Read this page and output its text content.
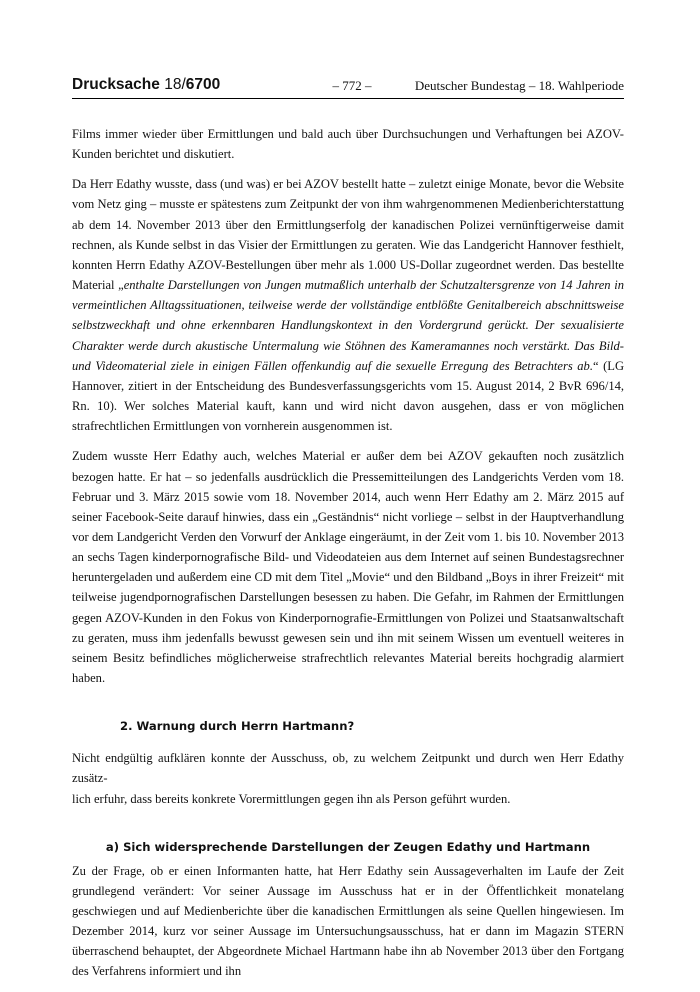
Drucksache 18/6700	– 772 –	Deutscher Bundestag – 18. Wahlperiode

Films immer wieder über Ermittlungen und bald auch über Durchsuchungen und Verhaftungen bei AZOV-Kunden berichtet und diskutiert.

Da Herr Edathy wusste, dass (und was) er bei AZOV bestellt hatte – zuletzt einige Monate, bevor die Website vom Netz ging – musste er spätestens zum Zeitpunkt der von ihm wahrgenommenen Medienberichterstattung ab dem 14. November 2013 über den Ermittlungserfolg der kanadischen Polizei vernünftigerweise damit rechnen, als Kunde selbst in das Visier der Ermittlungen zu geraten. Wie das Landgericht Hannover festhielt, konnten Herrn Edathy AZOV-Bestellungen über mehr als 1.000 US-Dollar zugeordnet werden. Das bestellte Material „enthalte Darstellungen von Jungen mutmaßlich unterhalb der Schutzaltersgrenze von 14 Jahren in vermeintlichen Alltagssituationen, teilweise werde der vollständige entblößte Genitalbereich abschnittsweise selbstzweckhaft und ohne erkennbaren Handlungskontext in den Vordergrund gerückt. Der sexualisierte Charakter werde durch akustische Untermalung wie Stöhnen des Kameramannes noch verstärkt. Das Bild- und Videomaterial ziele in einigen Fällen offenkundig auf die sexuelle Erregung des Betrachters ab.“ (LG Hannover, zitiert in der Entscheidung des Bundesverfassungsgerichts vom 15. August 2014, 2 BvR 696/14, Rn. 10). Wer solches Material kauft, kann und wird nicht davon ausgehen, dass er von möglichen strafrechtlichen Ermittlungen von vornherein ausgenommen ist.

Zudem wusste Herr Edathy auch, welches Material er außer dem bei AZOV gekauften noch zusätzlich bezogen hatte. Er hat – so jedenfalls ausdrücklich die Pressemitteilungen des Landgerichts Verden vom 18. Februar und 3. März 2015 sowie vom 18. November 2014, auch wenn Herr Edathy am 2. März 2015 auf seiner Facebook-Seite darauf hinwies, dass ein „Geständnis“ nicht vorliege – selbst in der Hauptverhandlung vor dem Landgericht Verden den Vorwurf der Anklage eingeräumt, in der Zeit vom 1. bis 10. November 2013 an sechs Tagen kinderpornografische Bild- und Videodateien aus dem Internet auf seinen Bundestagsrechner heruntergeladen und außerdem eine CD mit dem Titel „Movie“ und den Bildband „Boys in ihrer Freizeit“ mit teilweise jugendpornografischen Darstellungen besessen zu haben. Die Gefahr, im Rahmen der Ermittlungen gegen AZOV-Kunden in den Fokus von Kinderpornografie-Ermittlungen von Polizei und Staatsanwaltschaft zu geraten, muss ihm jedenfalls bewusst gewesen sein und ihn mit seinem Wissen um eventuell weiteres in seinem Besitz befindliches möglicherweise strafrechtlich relevantes Material bereits hochgradig alarmiert haben.

2. Warnung durch Herrn Hartmann?

Nicht endgültig aufklären konnte der Ausschuss, ob, zu welchem Zeitpunkt und durch wen Herr Edathy zusätz-

lich erfuhr, dass bereits konkrete Vorermittlungen gegen ihn als Person geführt wurden.

a) Sich widersprechende Darstellungen der Zeugen Edathy und Hartmann

Zu der Frage, ob er einen Informanten hatte, hat Herr Edathy sein Aussageverhalten im Laufe der Zeit grundlegend verändert: Vor seiner Aussage im Ausschuss hat er in der Öffentlichkeit monatelang geschwiegen und auf Medienberichte über die kanadischen Ermittlungen als seine Quellen hingewiesen. Im Dezember 2014, kurz vor seiner Aussage im Untersuchungsausschuss, hat er dann im Magazin STERN überraschend behauptet, der Abgeordnete Michael Hartmann habe ihn ab November 2013 über den Fortgang des Verfahrens informiert und ihn
